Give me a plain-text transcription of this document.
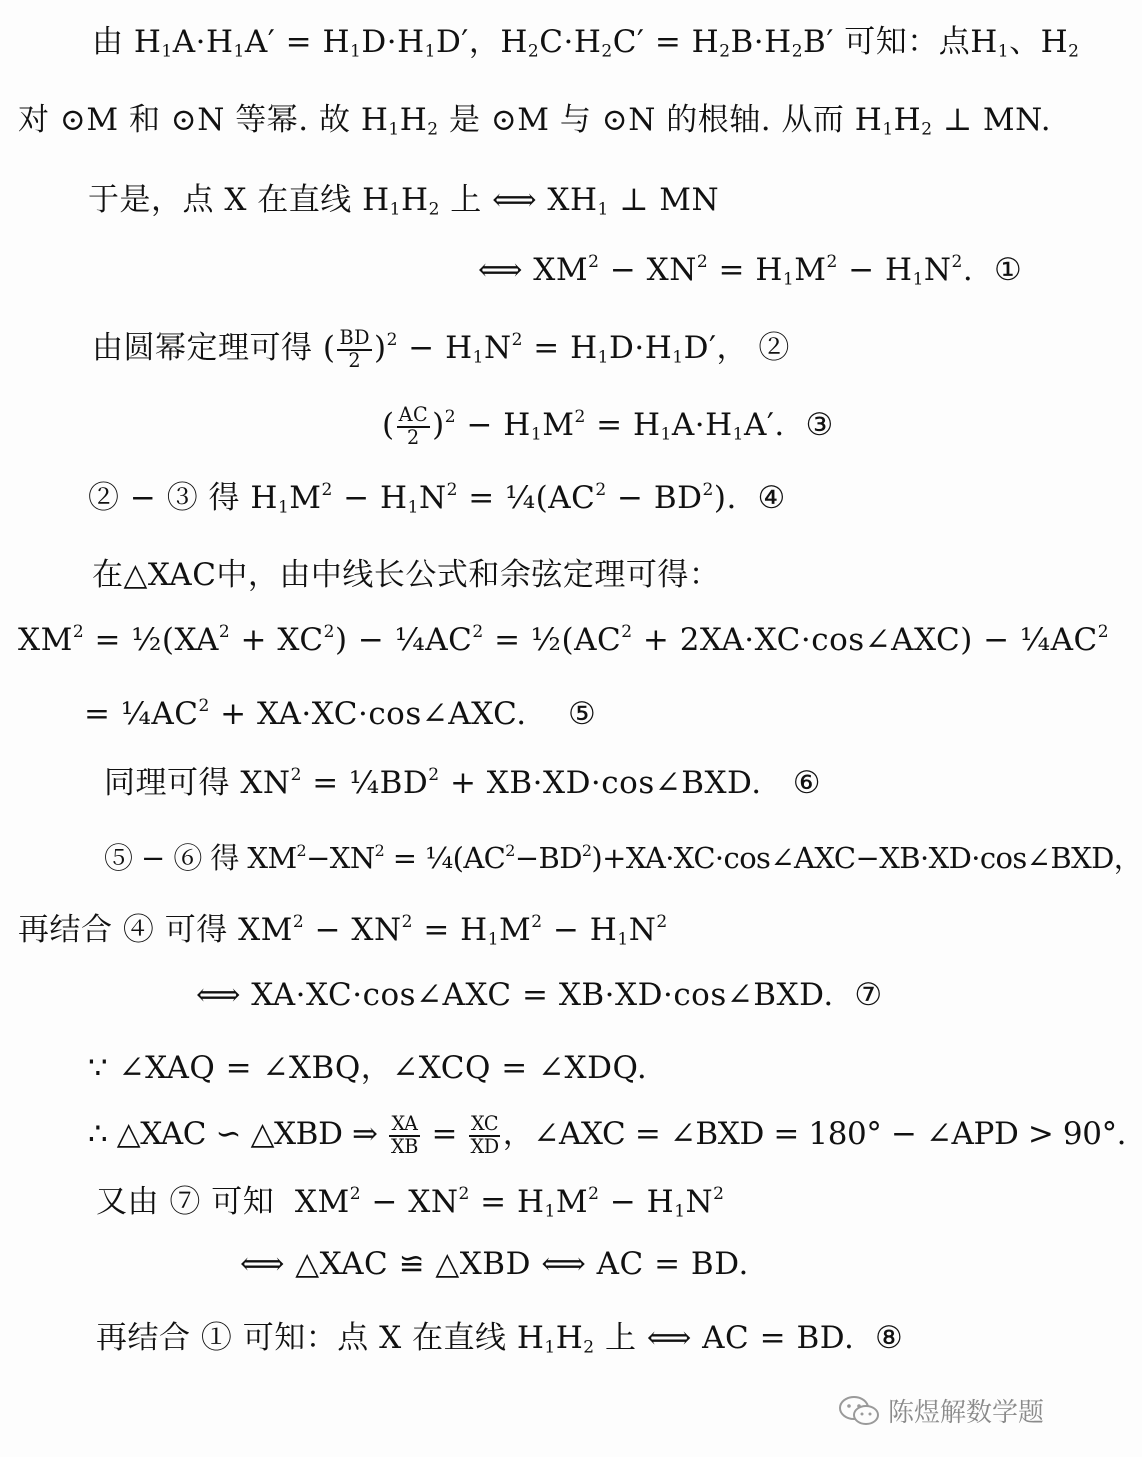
由 $H_1A\cdot H_1A' = H_1D\cdot H_1D'$，$H_2C\cdot H_2C' = H_2B\cdot H_2B'$ 可知：点$H_1$、$H_2$
对 ⊙M 和 ⊙N 等幂. 故 $H_1H_2$ 是 ⊙M 与 ⊙N 的根轴. 从而 $H_1H_2$ ⊥ MN.
于是，点 X 在直线 $H_1H_2$ 上 ⟺ $XH_1$ ⊥ MN
⟺ $XM^2 - XN^2 = H_1M^2 - H_1N^2$.  ①
由圆幂定理可得 ( $\frac{BD}{2} )^2 - H_1N^2 = H_1D\cdot H_1D'$， ②
( $\frac{AC}{2} )^2 - H_1M^2 = H_1A\cdot H_1A'$.  ③
② − ③ 得 $H_1M^2 - H_1N^2$ = $\frac{1}{4}(AC^2 - BD^2)$.  ④
在△XAC中，由中线长公式和余弦定理可得：
$XM^2$ = $\frac{1}{2}(XA^2 + XC^2)$ − $\frac{1}{4}AC^2$ = $\frac{1}{2}(AC^2$ + 2XA·XC·cos∠AXC) − $\frac{1}{4}AC^2$
= $\frac{1}{4}AC^2$ + XA·XC·cos∠AXC.    ⑤
同理可得 $XN^2$ = $\frac{1}{4}BD^2$ + XB·XD·cos∠BXD.   ⑥
⑤ − ⑥ 得 $XM^2-XN^2$ = $\frac{1}{4}(AC^2-BD^2)+XA\cdot XC\cdot\cos\angle AXC-XB\cdot XD\cdot\cos\angle BXD$，
再结合 ④ 可得 $XM^2 - XN^2 = H_1M^2 - H_1N^2$
⟺ XA·XC·cos∠AXC = XB·XD·cos∠BXD.  ⑦
∵ ∠XAQ = ∠XBQ，∠XCQ = ∠XDQ.
∴ △XAC ∽ △XBD ⇒ $\frac{XA}{XB} = \frac{XC}{XD}$ ，∠AXC = ∠BXD = 180° − ∠APD > 90°.
又由 ⑦ 可知  $XM^2 - XN^2 = H_1M^2 - H_1N^2$
⟺ △XAC ≌ △XBD ⟺ AC = BD.
再结合 ① 可知：点 X 在直线 $H_1H_2$ 上 ⟺ AC = BD.  ⑧
陈煜解数学题
